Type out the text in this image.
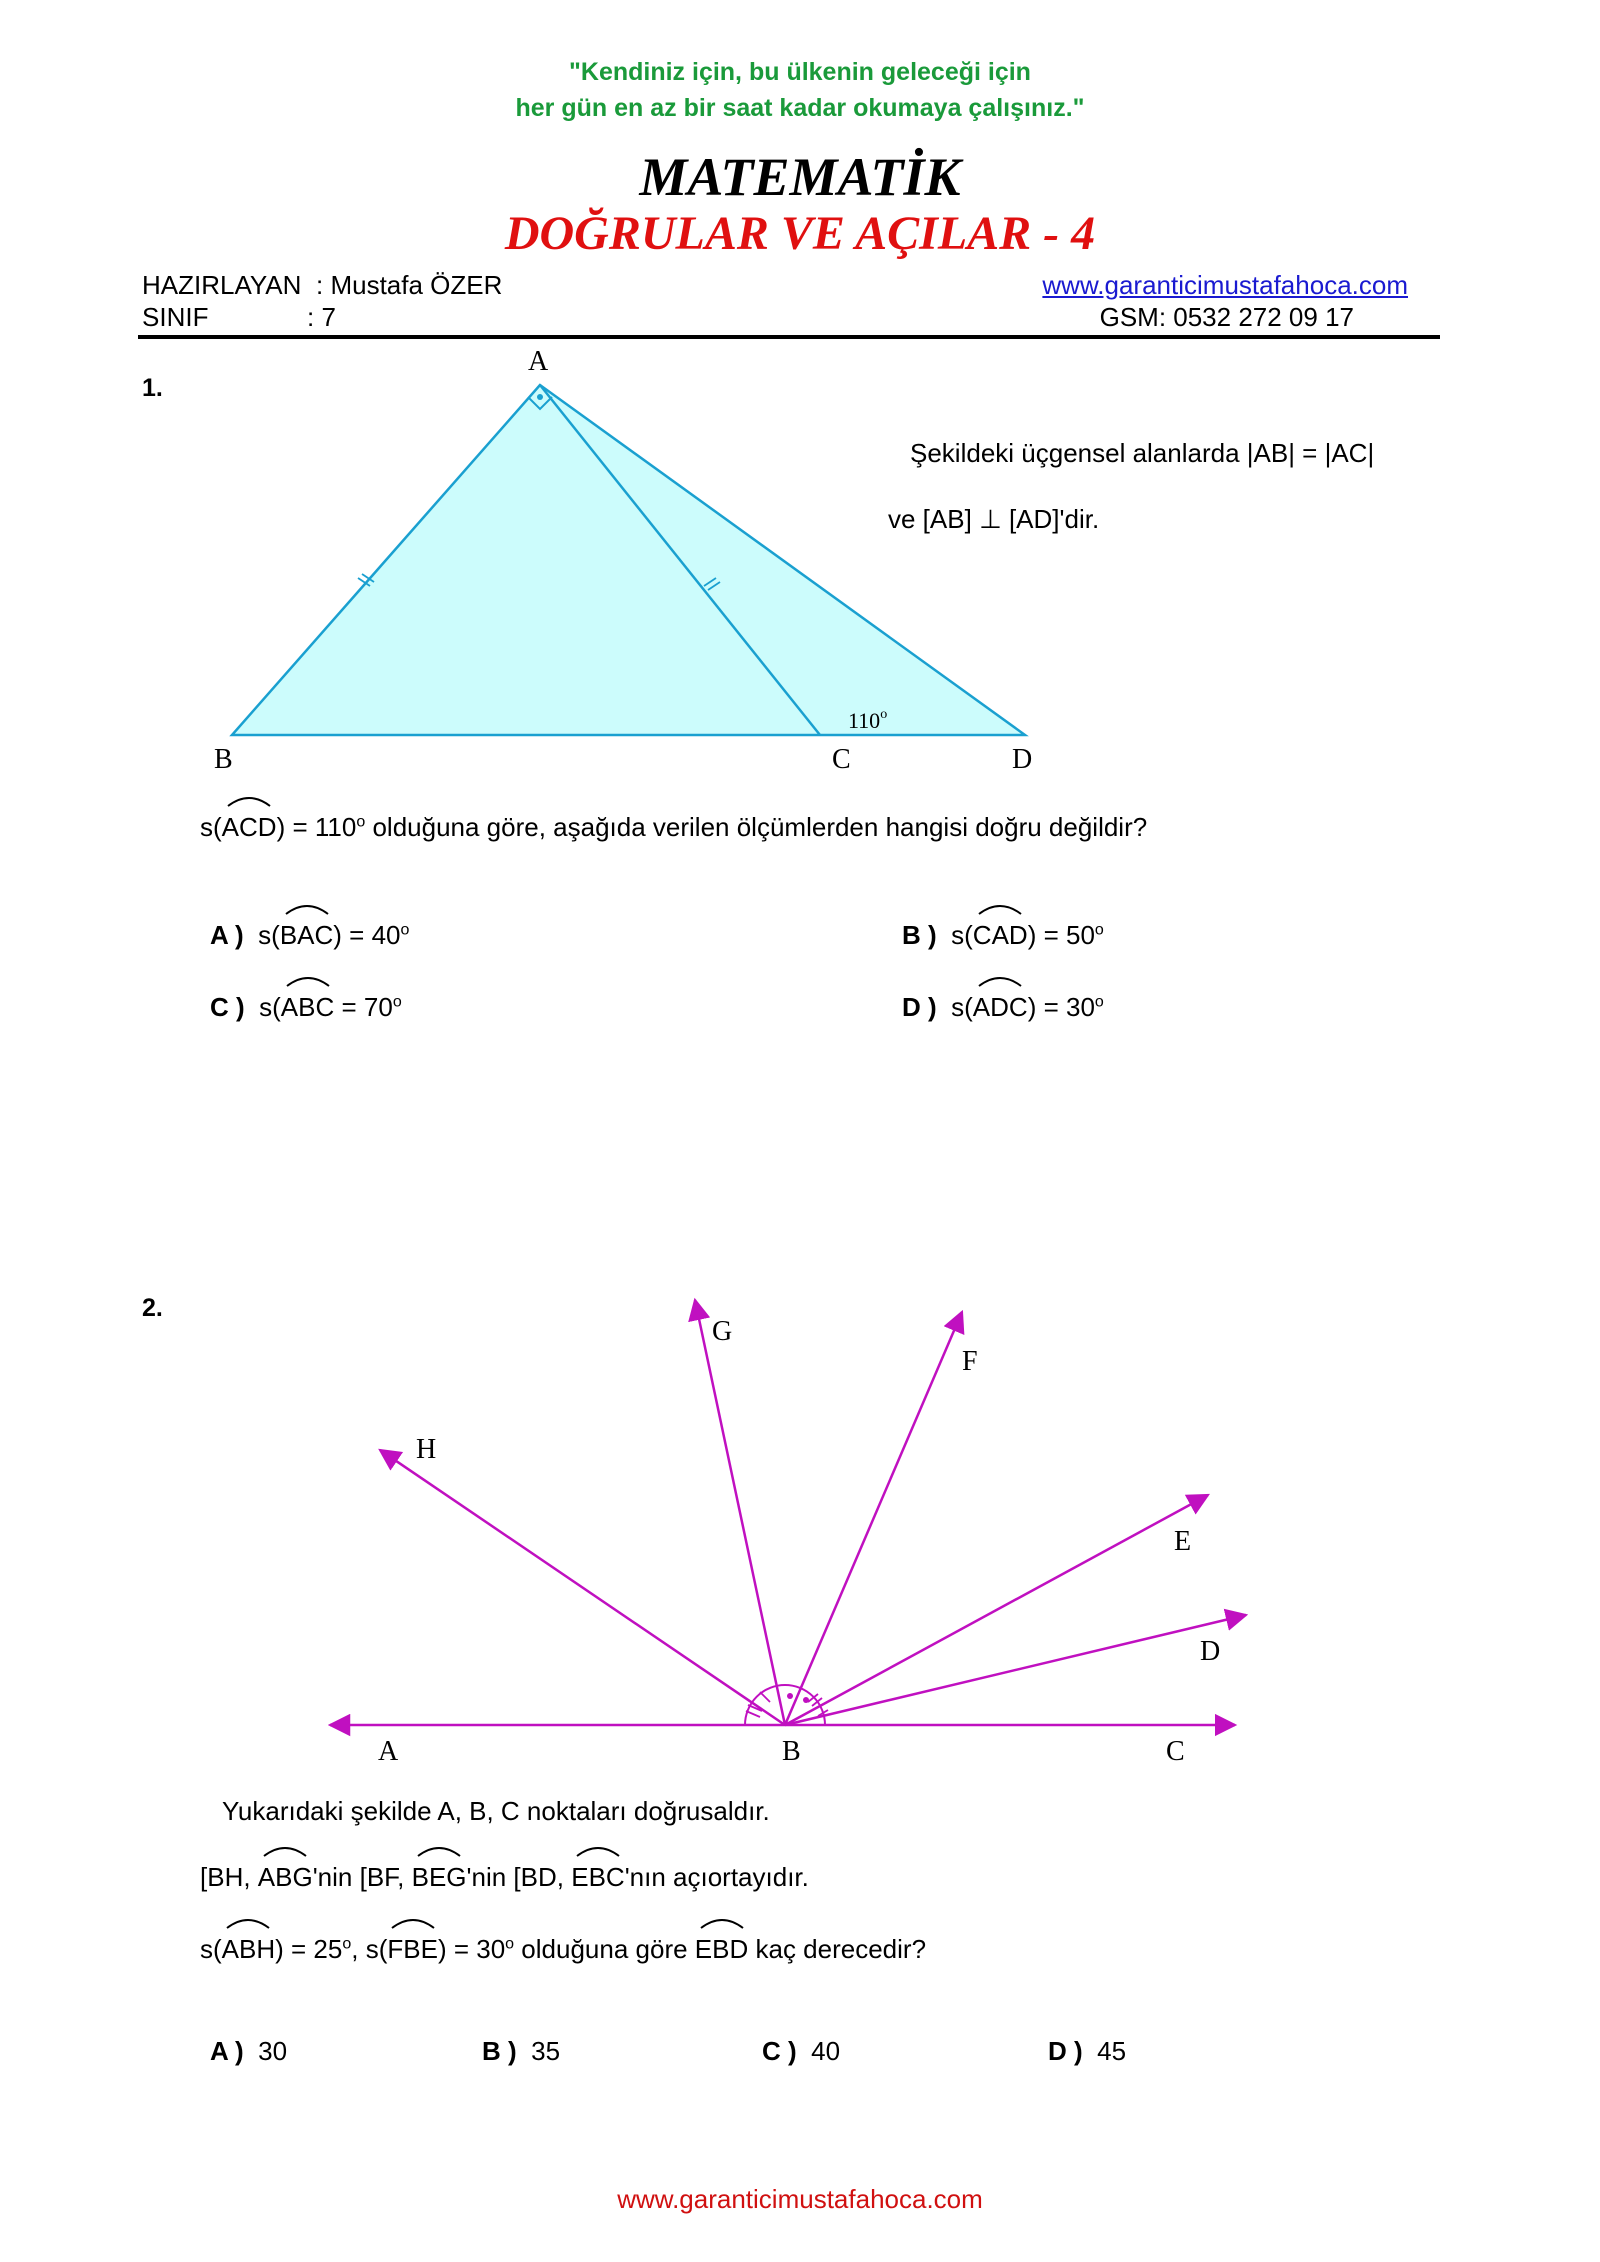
"Kendiniz için, bu ülkenin geleceği için
her gün en az bir saat kadar okumaya çalışınız."
MATEMATİK
DOĞRULAR VE AÇILAR - 4
HAZIRLAYAN : Mustafa ÖZER
SINIF	: 7
www.garanticimustafahoca.com
GSM: 0532 272 09 17
1.
A
B	C	D
110$^o$
Şekildeki üçgensel alanlarda |AB| = |AC|
ve [AB] ⊥ [AD]'dir.
s(
$ACD) = 110^o$ olduğuna göre, aşağıda verilen ölçümlerden hangisi doğru değildir?
A ) s(
$BAC) = 40^o$	B ) s(
$CAD) = 50^o$
C ) s(
ABC = $70^o$	D ) s(
$ADC) = 30^o$
2.
A	B	C
D
E
F
G
H
Yukarıdaki şekilde A, B, C noktaları doğrusaldır.
[BH,
ABG'nin [BF,
BEG'nin [BD,
EBC'nın açıortayıdır.
s(
$ABH) = 25^o$, s(
$FBE) = 30^o$ olduğuna göre
EBD kaç derecedir?
A ) 30	B ) 35	C ) 40	D ) 45
www.garanticimustafahoca.com
